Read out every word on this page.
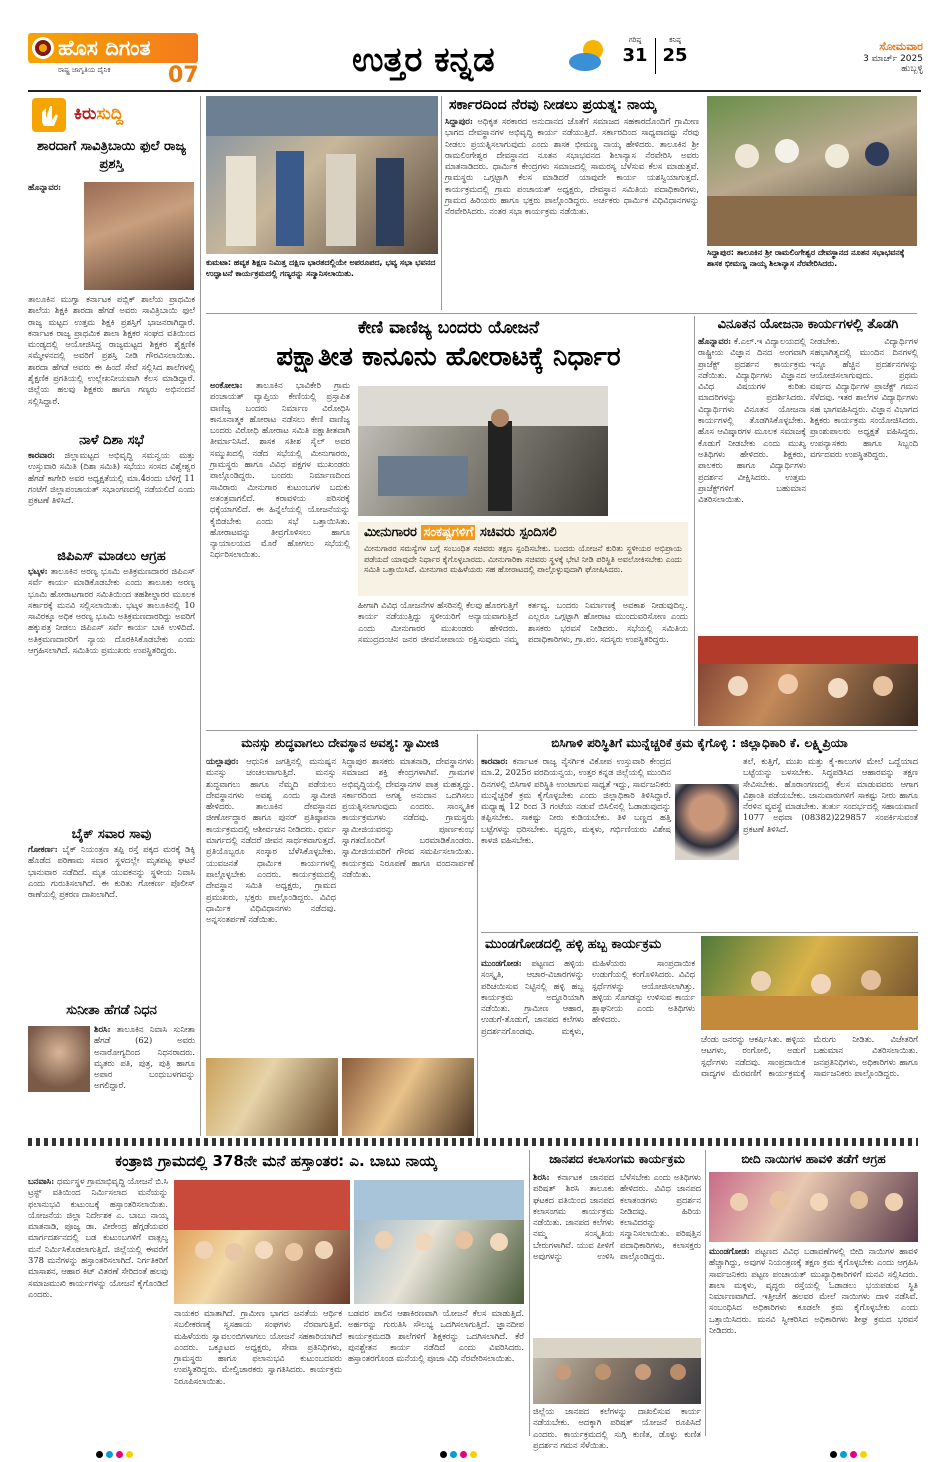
ಹೊಸ ದಿಗಂತ
ರಾಷ್ಟ್ರ ಜಾಗೃತಿಯ ದೈನಿಕ	07	ಉತ್ತರ ಕನ್ನಡ	ಗರಿಷ್ಠ
31
ಕನಿಷ್ಠ
25	ಸೋಮವಾರ
3 ಮಾರ್ಚ್ 2025
ಹುಬ್ಬಳ್ಳಿ
ಕಿರುಸುದ್ದಿ
ಶಾರದಾಗೆ ಸಾವಿತ್ರಿಬಾಯಿ ಫುಲೆ ರಾಜ್ಯ ಪ್ರಶಸ್ತಿ
ಹೊನ್ನಾವರ:
ತಾಲೂಕಿನ ಮುಗ್ವಾ ಕರ್ನಾಟಕ ಪಬ್ಲಿಕ್ ಶಾಲೆಯ ಪ್ರಾಥಮಿಕ ಶಾಲೆಯ ಶಿಕ್ಷಕಿ ಶಾರದಾ ಹೆಗಡೆ ಅವರು ಸಾವಿತ್ರಿಬಾಯಿ ಫುಲೆ ರಾಜ್ಯ ಮಟ್ಟದ ಉತ್ತಮ ಶಿಕ್ಷಕಿ ಪ್ರಶಸ್ತಿಗೆ ಭಾಜನರಾಗಿದ್ದಾರೆ. ಕರ್ನಾಟಕ ರಾಜ್ಯ ಪ್ರಾಥಮಿಕ ಶಾಲಾ ಶಿಕ್ಷಕರ ಸಂಘದ ವತಿಯಿಂದ ಮಂಡ್ಯದಲ್ಲಿ ಆಯೋಜಿಸಿದ್ದ ರಾಜ್ಯಮಟ್ಟದ ಶಿಕ್ಷಕರ ಶೈಕ್ಷಣಿಕ ಸಮ್ಮೇಳನದಲ್ಲಿ ಅವರಿಗೆ ಪ್ರಶಸ್ತಿ ನೀಡಿ ಗೌರವಿಸಲಾಯಿತು. ಶಾರದಾ ಹೆಗಡೆ ಅವರು ಈ ಹಿಂದೆ ಸೇವೆ ಸಲ್ಲಿಸಿದ ಶಾಲೆಗಳಲ್ಲಿ ಶೈಕ್ಷಣಿಕ ಪ್ರಗತಿಯಲ್ಲಿ ಉಲ್ಲೇಖನೀಯವಾಗಿ ಕೆಲಸ ಮಾಡಿದ್ದಾರೆ. ಜಿಲ್ಲೆಯ ಹಲವು ಶಿಕ್ಷಕರು ಹಾಗೂ ಗಣ್ಯರು ಅಭಿನಂದನೆ ಸಲ್ಲಿಸಿದ್ದಾರೆ.
ನಾಳೆ ದಿಶಾ ಸಭೆ
ಕಾರವಾರ: ಜಿಲ್ಲಾಮಟ್ಟದ ಅಭಿವೃದ್ಧಿ ಸಮನ್ವಯ ಮತ್ತು ಉಸ್ತುವಾರಿ ಸಮಿತಿ (ದಿಶಾ ಸಮಿತಿ) ಸಭೆಯು ಸಂಸದ ವಿಶ್ವೇಶ್ವರ ಹೆಗಡೆ ಕಾಗೇರಿ ಅವರ ಅಧ್ಯಕ್ಷತೆಯಲ್ಲಿ ಮಾ.4ರಂದು ಬೆಳಿಗ್ಗೆ 11 ಗಂಟೆಗೆ ಜಿಲ್ಲಾಪಂಚಾಯತ್ ಸಭಾಂಗಣದಲ್ಲಿ ನಡೆಯಲಿದೆ ಎಂದು ಪ್ರಕಟಣೆ ತಿಳಿಸಿದೆ.
ಜಿಪಿಎಸ್ ಮಾಡಲು ಆಗ್ರಹ
ಭಟ್ಕಳ: ತಾಲೂಕಿನ ಅರಣ್ಯ ಭೂಮಿ ಅತಿಕ್ರಮಣದಾರರ ಜಿಪಿಎಸ್ ಸರ್ವೆ ಕಾರ್ಯ ಮಾಡಿಕೊಡಬೇಕು ಎಂದು ತಾಲೂಕು ಅರಣ್ಯ ಭೂಮಿ ಹೋರಾಟಗಾರರ ಸಮಿತಿಯಿಂದ ತಹಶೀಲ್ದಾರರ ಮೂಲಕ ಸರ್ಕಾರಕ್ಕೆ ಮನವಿ ಸಲ್ಲಿಸಲಾಯಿತು. ಭಟ್ಕಳ ತಾಲೂಕಿನಲ್ಲಿ 10 ಸಾವಿರಕ್ಕೂ ಅಧಿಕ ಅರಣ್ಯ ಭೂಮಿ ಅತಿಕ್ರಮಣದಾರರಿದ್ದು ಅವರಿಗೆ ಹಕ್ಕುಪತ್ರ ನೀಡಲು ಜಿಪಿಎಸ್ ಸರ್ವೆ ಕಾರ್ಯ ಬಾಕಿ ಉಳಿದಿದೆ. ಅತಿಕ್ರಮಣದಾರರಿಗೆ ನ್ಯಾಯ ದೊರಕಿಸಿಕೊಡಬೇಕು ಎಂದು ಆಗ್ರಹಿಸಲಾಗಿದೆ. ಸಮಿತಿಯ ಪ್ರಮುಖರು ಉಪಸ್ಥಿತರಿದ್ದರು.
ಬೈಕ್ ಸವಾರ ಸಾವು
ಗೋಕರ್ಣ: ಬೈಕ್ ನಿಯಂತ್ರಣ ತಪ್ಪಿ ರಸ್ತೆ ಪಕ್ಕದ ಮರಕ್ಕೆ ಡಿಕ್ಕಿ ಹೊಡೆದ ಪರಿಣಾಮ ಸವಾರ ಸ್ಥಳದಲ್ಲೇ ಮೃತಪಟ್ಟ ಘಟನೆ ಭಾನುವಾರ ನಡೆದಿದೆ. ಮೃತ ಯುವಕನನ್ನು ಸ್ಥಳೀಯ ನಿವಾಸಿ ಎಂದು ಗುರುತಿಸಲಾಗಿದೆ. ಈ ಕುರಿತು ಗೋಕರ್ಣ ಪೊಲೀಸ್ ಠಾಣೆಯಲ್ಲಿ ಪ್ರಕರಣ ದಾಖಲಾಗಿದೆ.
ಸುನೀತಾ ಹೆಗಡೆ ನಿಧನ
ಶಿರಸಿ: ತಾಲೂಕಿನ ನಿವಾಸಿ ಸುನೀತಾ ಹೆಗಡೆ (62) ಅವರು ಅನಾರೋಗ್ಯದಿಂದ ನಿಧನರಾದರು. ಮೃತರು ಪತಿ, ಪುತ್ರ, ಪುತ್ರಿ ಹಾಗೂ ಅಪಾರ ಬಂಧುಬಳಗವನ್ನು ಅಗಲಿದ್ದಾರೆ.
ಕುಮಟಾ: ಹವ್ಯಕ ಶಿಕ್ಷಣ ನಿಮಿತ್ತ ದಕ್ಷಿಣ ಭಾರತದಲ್ಲಿಯೇ ಅಪರೂಪದ, ಭವ್ಯ ಸಭಾ ಭವನದ ಉದ್ಘಾಟನೆ ಕಾರ್ಯಕ್ರಮದಲ್ಲಿ ಗಣ್ಯರನ್ನು ಸನ್ಮಾನಿಸಲಾಯಿತು.
ಸರ್ಕಾರದಿಂದ ನೆರವು ನೀಡಲು ಪ್ರಯತ್ನ: ನಾಯ್ಕ
ಸಿದ್ದಾಪುರ: ಅಧಿಕೃತ ಸರಕಾರದ ಅನುದಾನದ ಜೊತೆಗೆ ಸಮಾಜದ ಸಹಕಾರದೊಂದಿಗೆ ಗ್ರಾಮೀಣ ಭಾಗದ ದೇವಸ್ಥಾನಗಳ ಅಭಿವೃದ್ಧಿ ಕಾರ್ಯ ನಡೆಯುತ್ತಿದೆ. ಸರ್ಕಾರದಿಂದ ಸಾಧ್ಯವಾದಷ್ಟು ನೆರವು ನೀಡಲು ಪ್ರಯತ್ನಿಸಲಾಗುವುದು ಎಂದು ಶಾಸಕ ಭೀಮಣ್ಣ ನಾಯ್ಕ ಹೇಳಿದರು. ತಾಲೂಕಿನ ಶ್ರೀ ರಾಮಲಿಂಗೇಶ್ವರ ದೇವಸ್ಥಾನದ ನೂತನ ಸಭಾಭವನದ ಶಿಲಾನ್ಯಾಸ ನೆರವೇರಿಸಿ ಅವರು ಮಾತನಾಡಿದರು. ಧಾರ್ಮಿಕ ಕೇಂದ್ರಗಳು ಸಮಾಜದಲ್ಲಿ ಸಾಮರಸ್ಯ ಬೆಳೆಸುವ ಕೆಲಸ ಮಾಡುತ್ತವೆ. ಗ್ರಾಮಸ್ಥರು ಒಗ್ಗಟ್ಟಾಗಿ ಕೆಲಸ ಮಾಡಿದರೆ ಯಾವುದೇ ಕಾರ್ಯ ಯಶಸ್ವಿಯಾಗುತ್ತದೆ. ಕಾರ್ಯಕ್ರಮದಲ್ಲಿ ಗ್ರಾಮ ಪಂಚಾಯತ್ ಅಧ್ಯಕ್ಷರು, ದೇವಸ್ಥಾನ ಸಮಿತಿಯ ಪದಾಧಿಕಾರಿಗಳು, ಗ್ರಾಮದ ಹಿರಿಯರು ಹಾಗೂ ಭಕ್ತರು ಪಾಲ್ಗೊಂಡಿದ್ದರು. ಅರ್ಚಕರು ಧಾರ್ಮಿಕ ವಿಧಿವಿಧಾನಗಳನ್ನು ನೆರವೇರಿಸಿದರು. ನಂತರ ಸಭಾ ಕಾರ್ಯಕ್ರಮ ನಡೆಯಿತು.
ಸಿದ್ದಾಪುರ: ತಾಲೂಕಿನ ಶ್ರೀ ರಾಮಲಿಂಗೇಶ್ವರ ದೇವಸ್ಥಾನದ ನೂತನ ಸಭಾಭವನಕ್ಕೆ ಶಾಸಕ ಭೀಮಣ್ಣ ನಾಯ್ಕ ಶಿಲಾನ್ಯಾಸ ನೆರವೇರಿಸಿದರು.
ಕೇಣಿ ವಾಣಿಜ್ಯ ಬಂದರು ಯೋಜನೆ
ಪಕ್ಷಾತೀತ ಕಾನೂನು ಹೋರಾಟಕ್ಕೆ ನಿರ್ಧಾರ
ಅಂಕೋಲಾ: ತಾಲೂಕಿನ ಭಾವಿಕೇರಿ ಗ್ರಾಮ ಪಂಚಾಯತ್ ವ್ಯಾಪ್ತಿಯ ಕೇಣಿಯಲ್ಲಿ ಪ್ರಸ್ತಾಪಿತ ವಾಣಿಜ್ಯ ಬಂದರು ನಿರ್ಮಾಣ ವಿರೋಧಿಸಿ ಕಾನೂನಾತ್ಮಕ ಹೋರಾಟ ನಡೆಸಲು ಕೇಣಿ ವಾಣಿಜ್ಯ ಬಂದರು ವಿರೋಧಿ ಹೋರಾಟ ಸಮಿತಿ ಪಕ್ಷಾತೀತವಾಗಿ ತೀರ್ಮಾನಿಸಿದೆ. ಶಾಸಕ ಸತೀಶ ಸೈಲ್ ಅವರ ಸಮ್ಮುಖದಲ್ಲಿ ನಡೆದ ಸಭೆಯಲ್ಲಿ ಮೀನುಗಾರರು, ಗ್ರಾಮಸ್ಥರು ಹಾಗೂ ವಿವಿಧ ಪಕ್ಷಗಳ ಮುಖಂಡರು ಪಾಲ್ಗೊಂಡಿದ್ದರು. ಬಂದರು ನಿರ್ಮಾಣದಿಂದ ಸಾವಿರಾರು ಮೀನುಗಾರ ಕುಟುಂಬಗಳ ಬದುಕು ಅತಂತ್ರವಾಗಲಿದೆ. ಕರಾವಳಿಯ ಪರಿಸರಕ್ಕೆ ಧಕ್ಕೆಯಾಗಲಿದೆ. ಈ ಹಿನ್ನೆಲೆಯಲ್ಲಿ ಯೋಜನೆಯನ್ನು ಕೈಬಿಡಬೇಕು ಎಂದು ಸಭೆ ಒತ್ತಾಯಿಸಿತು. ಹೋರಾಟವನ್ನು ತೀವ್ರಗೊಳಿಸಲು ಹಾಗೂ ನ್ಯಾಯಾಲಯದ ಮೊರೆ ಹೋಗಲು ಸಭೆಯಲ್ಲಿ ನಿರ್ಧರಿಸಲಾಯಿತು.
ಮೀನುಗಾರರ ಸಂಕಷ್ಟಗಳಿಗೆ ಸಚಿವರು ಸ್ಪಂದಿಸಲಿ
ಮೀನುಗಾರರ ಸಮಸ್ಯೆಗಳ ಬಗ್ಗೆ ಸಂಬಂಧಿತ ಸಚಿವರು ತಕ್ಷಣ ಸ್ಪಂದಿಸಬೇಕು. ಬಂದರು ಯೋಜನೆ ಕುರಿತು ಸ್ಥಳೀಯರ ಅಭಿಪ್ರಾಯ ಪಡೆಯದೆ ಯಾವುದೇ ನಿರ್ಧಾರ ಕೈಗೊಳ್ಳಬಾರದು. ಮೀನುಗಾರಿಕಾ ಸಚಿವರು ಸ್ಥಳಕ್ಕೆ ಭೇಟಿ ನೀಡಿ ಪರಿಸ್ಥಿತಿ ಅವಲೋಕಿಸಬೇಕು ಎಂದು ಸಮಿತಿ ಒತ್ತಾಯಿಸಿದೆ. ಮೀನುಗಾರ ಮಹಿಳೆಯರು ಸಹ ಹೋರಾಟದಲ್ಲಿ ಪಾಲ್ಗೊಳ್ಳುವುದಾಗಿ ಘೋಷಿಸಿದರು.
ಹೀಗಾಗಿ ವಿವಿಧ ಯೋಜನೆಗಳ ಹೆಸರಿನಲ್ಲಿ ಕೆಲವು ಹೊರಗುತ್ತಿಗೆ ಕಾರ್ಯ ನಡೆಯುತ್ತಿದ್ದು ಸ್ಥಳೀಯರಿಗೆ ಅನ್ಯಾಯವಾಗುತ್ತಿದೆ ಎಂದು ಮೀನುಗಾರರ ಮುಖಂಡರು ಹೇಳಿದರು. ಸಮುದ್ರದಂಚಿನ ಜನರ ಜೀವನೋಪಾಯ ರಕ್ಷಿಸುವುದು ನಮ್ಮ ಕರ್ತವ್ಯ. ಬಂದರು ನಿರ್ಮಾಣಕ್ಕೆ ಅವಕಾಶ ನೀಡುವುದಿಲ್ಲ. ಎಲ್ಲರೂ ಒಗ್ಗಟ್ಟಾಗಿ ಹೋರಾಟ ಮುಂದುವರಿಸೋಣ ಎಂದು ಶಾಸಕರು ಭರವಸೆ ನೀಡಿದರು. ಸಭೆಯಲ್ಲಿ ಸಮಿತಿಯ ಪದಾಧಿಕಾರಿಗಳು, ಗ್ರಾ.ಪಂ. ಸದಸ್ಯರು ಉಪಸ್ಥಿತರಿದ್ದರು.
ವಿನೂತನ ಯೋಜನಾ ಕಾರ್ಯಗಳಲ್ಲಿ ತೊಡಗಿ
ಹೊನ್ನಾವರ: ಕೆ.ಎಲ್.ಇ ವಿದ್ಯಾಲಯದಲ್ಲಿ ರಾಷ್ಟ್ರೀಯ ವಿಜ್ಞಾನ ದಿನದ ಅಂಗವಾಗಿ ಪ್ರಾಜೆಕ್ಟ್ ಪ್ರದರ್ಶನ ಕಾರ್ಯಕ್ರಮ ನಡೆಯಿತು. ವಿದ್ಯಾರ್ಥಿಗಳು ವಿಜ್ಞಾನದ ವಿವಿಧ ವಿಷಯಗಳ ಕುರಿತು ಮಾದರಿಗಳನ್ನು ಪ್ರದರ್ಶಿಸಿದರು. ವಿದ್ಯಾರ್ಥಿಗಳು ವಿನೂತನ ಯೋಜನಾ ಕಾರ್ಯಗಳಲ್ಲಿ ತೊಡಗಿಸಿಕೊಳ್ಳಬೇಕು. ಹೊಸ ಆವಿಷ್ಕಾರಗಳ ಮೂಲಕ ಸಮಾಜಕ್ಕೆ ಕೊಡುಗೆ ನೀಡಬೇಕು ಎಂದು ಮುಖ್ಯ ಅತಿಥಿಗಳು ಹೇಳಿದರು. ಶಿಕ್ಷಕರು, ಪಾಲಕರು ಹಾಗೂ ವಿದ್ಯಾರ್ಥಿಗಳು ಪ್ರದರ್ಶನ ವೀಕ್ಷಿಸಿದರು. ಉತ್ತಮ ಪ್ರಾಜೆಕ್ಟ್‌ಗಳಿಗೆ ಬಹುಮಾನ ವಿತರಿಸಲಾಯಿತು.
ನೀಡಬೇಕು. ವಿದ್ಯಾರ್ಥಿಗಳ ಸಹಭಾಗಿತ್ವದಲ್ಲಿ ಮುಂದಿನ ದಿನಗಳಲ್ಲಿ ಇನ್ನೂ ಹೆಚ್ಚಿನ ಪ್ರದರ್ಶನಗಳನ್ನು ಆಯೋಜಿಸಲಾಗುವುದು. ಪ್ರಥಮ ವರ್ಷದ ವಿದ್ಯಾರ್ಥಿಗಳ ಪ್ರಾಜೆಕ್ಟ್ ಗಮನ ಸೆಳೆದವು. ಇತರ ಶಾಲೆಗಳ ವಿದ್ಯಾರ್ಥಿಗಳು ಸಹ ಭಾಗವಹಿಸಿದ್ದರು. ವಿಜ್ಞಾನ ವಿಭಾಗದ ಶಿಕ್ಷಕರು ಕಾರ್ಯಕ್ರಮ ಸಂಯೋಜಿಸಿದರು. ಪ್ರಾಂಶುಪಾಲರು ಅಧ್ಯಕ್ಷತೆ ವಹಿಸಿದ್ದರು. ಉಪನ್ಯಾಸಕರು ಹಾಗೂ ಸಿಬ್ಬಂದಿ ವರ್ಗದವರು ಉಪಸ್ಥಿತರಿದ್ದರು.
ಮನಸ್ಸು ಶುದ್ಧವಾಗಲು ದೇವಸ್ಥಾನ ಅವಶ್ಯ: ಸ್ವಾಮೀಜಿ
ಯಲ್ಲಾಪುರ: ಆಧುನಿಕ ಜಗತ್ತಿನಲ್ಲಿ ಮನುಷ್ಯನ ಮನಸ್ಸು ಚಂಚಲವಾಗುತ್ತಿದೆ. ಮನಸ್ಸು ಶುದ್ಧವಾಗಲು ಹಾಗೂ ನೆಮ್ಮದಿ ಪಡೆಯಲು ದೇವಸ್ಥಾನಗಳು ಅವಶ್ಯ ಎಂದು ಸ್ವಾಮೀಜಿ ಹೇಳಿದರು. ತಾಲೂಕಿನ ದೇವಸ್ಥಾನದ ಜೀರ್ಣೋದ್ಧಾರ ಹಾಗೂ ಪುನರ್ ಪ್ರತಿಷ್ಠಾಪನಾ ಕಾರ್ಯಕ್ರಮದಲ್ಲಿ ಆಶೀರ್ವಚನ ನೀಡಿದರು. ಧರ್ಮ ಮಾರ್ಗದಲ್ಲಿ ನಡೆದರೆ ಜೀವನ ಸಾರ್ಥಕವಾಗುತ್ತದೆ. ಪ್ರತಿಯೊಬ್ಬರೂ ಸಂಸ್ಕಾರ ಬೆಳೆಸಿಕೊಳ್ಳಬೇಕು. ಯುವಜನತೆ ಧಾರ್ಮಿಕ ಕಾರ್ಯಗಳಲ್ಲಿ ಪಾಲ್ಗೊಳ್ಳಬೇಕು ಎಂದರು. ಕಾರ್ಯಕ್ರಮದಲ್ಲಿ ದೇವಸ್ಥಾನ ಸಮಿತಿ ಅಧ್ಯಕ್ಷರು, ಗ್ರಾಮದ ಪ್ರಮುಖರು, ಭಕ್ತರು ಪಾಲ್ಗೊಂಡಿದ್ದರು. ವಿವಿಧ ಧಾರ್ಮಿಕ ವಿಧಿವಿಧಾನಗಳು ನಡೆದವು. ಅನ್ನಸಂತರ್ಪಣೆ ನಡೆಯಿತು.
ಸಿದ್ಧಾಪುರ ಶಾಸಕರು ಮಾತನಾಡಿ, ದೇವಸ್ಥಾನಗಳು ಸಮಾಜದ ಶಕ್ತಿ ಕೇಂದ್ರಗಳಾಗಿವೆ. ಗ್ರಾಮಗಳ ಅಭಿವೃದ್ಧಿಯಲ್ಲಿ ದೇವಸ್ಥಾನಗಳ ಪಾತ್ರ ಮಹತ್ವದ್ದು. ಸರ್ಕಾರದಿಂದ ಅಗತ್ಯ ಅನುದಾನ ಒದಗಿಸಲು ಪ್ರಯತ್ನಿಸಲಾಗುವುದು ಎಂದರು. ಸಾಂಸ್ಕೃತಿಕ ಕಾರ್ಯಕ್ರಮಗಳು ನಡೆದವು. ಗ್ರಾಮಸ್ಥರು ಸ್ವಾಮೀಜಿಯವರನ್ನು ಪೂರ್ಣಕುಂಭ ಸ್ವಾಗತದೊಂದಿಗೆ ಬರಮಾಡಿಕೊಂಡರು. ಸ್ವಾಮೀಜಿಯವರಿಗೆ ಗೌರವ ಸಮರ್ಪಿಸಲಾಯಿತು. ಕಾರ್ಯಕ್ರಮ ನಿರೂಪಣೆ ಹಾಗೂ ವಂದನಾರ್ಪಣೆ ನಡೆಯಿತು.
ಬಿಸಿಗಾಳಿ ಪರಿಸ್ಥಿತಿಗೆ ಮುನ್ನೆಚ್ಚರಿಕೆ ಕ್ರಮ ಕೈಗೊಳ್ಳಿ : ಜಿಲ್ಲಾಧಿಕಾರಿ ಕೆ. ಲಕ್ಷ್ಮಿಪ್ರಿಯಾ
ಕಾರವಾರ: ಕರ್ನಾಟಕ ರಾಜ್ಯ ನೈಸರ್ಗಿಕ ವಿಕೋಪ ಉಸ್ತುವಾರಿ ಕೇಂದ್ರದ ಮಾ.2, 2025ರ ವರದಿಯನ್ವಯ, ಉತ್ತರ ಕನ್ನಡ ಜಿಲ್ಲೆಯಲ್ಲಿ ಮುಂದಿನ ದಿನಗಳಲ್ಲಿ ಬಿಸಿಗಾಳಿ ಪರಿಸ್ಥಿತಿ ಉಂಟಾಗುವ ಸಾಧ್ಯತೆ ಇದ್ದು, ಸಾರ್ವಜನಿಕರು ಮುನ್ನೆಚ್ಚರಿಕೆ ಕ್ರಮ ಕೈಗೊಳ್ಳಬೇಕು ಎಂದು ಜಿಲ್ಲಾಧಿಕಾರಿ ತಿಳಿಸಿದ್ದಾರೆ. ಮಧ್ಯಾಹ್ನ 12 ರಿಂದ 3 ಗಂಟೆಯ ನಡುವೆ ಬಿಸಿಲಿನಲ್ಲಿ ಓಡಾಡುವುದನ್ನು ತಪ್ಪಿಸಬೇಕು. ಸಾಕಷ್ಟು ನೀರು ಕುಡಿಯಬೇಕು. ತಿಳಿ ಬಣ್ಣದ ಹತ್ತಿ ಬಟ್ಟೆಗಳನ್ನು ಧರಿಸಬೇಕು. ವೃದ್ಧರು, ಮಕ್ಕಳು, ಗರ್ಭಿಣಿಯರು ವಿಶೇಷ ಕಾಳಜಿ ವಹಿಸಬೇಕು.
ತಲೆ, ಕುತ್ತಿಗೆ, ಮುಖ ಮತ್ತು ಕೈ-ಕಾಲುಗಳ ಮೇಲೆ ಒದ್ದೆಯಾದ ಬಟ್ಟೆಯನ್ನು ಬಳಸಬೇಕು. ಸಿದ್ಧಪಡಿಸಿದ ಆಹಾರವನ್ನು ತಕ್ಷಣ ಸೇವಿಸಬೇಕು. ಹೊರಾಂಗಣದಲ್ಲಿ ಕೆಲಸ ಮಾಡುವವರು ಆಗಾಗ ವಿಶ್ರಾಂತಿ ಪಡೆಯಬೇಕು. ಜಾನುವಾರುಗಳಿಗೆ ಸಾಕಷ್ಟು ನೀರು ಹಾಗೂ ನೆರಳಿನ ವ್ಯವಸ್ಥೆ ಮಾಡಬೇಕು. ತುರ್ತು ಸಂದರ್ಭದಲ್ಲಿ ಸಹಾಯವಾಣಿ 1077 ಅಥವಾ (08382)229857 ಸಂಪರ್ಕಿಸುವಂತೆ ಪ್ರಕಟಣೆ ತಿಳಿಸಿದೆ.
ಮುಂಡಗೋಡದಲ್ಲಿ ಹಳ್ಳಿ ಹಬ್ಬ ಕಾರ್ಯಕ್ರಮ
ಮುಂಡಗೋಡ: ಪಟ್ಟಣದ ಹಳ್ಳಿಯ ಸಂಸ್ಕೃತಿ, ಆಚಾರ-ವಿಚಾರಗಳನ್ನು ಪರಿಚಯಿಸುವ ನಿಟ್ಟಿನಲ್ಲಿ ಹಳ್ಳಿ ಹಬ್ಬ ಕಾರ್ಯಕ್ರಮ ಅದ್ಧೂರಿಯಾಗಿ ನಡೆಯಿತು. ಗ್ರಾಮೀಣ ಆಹಾರ, ಉಡುಗೆ-ತೊಡುಗೆ, ಜಾನಪದ ಕಲೆಗಳು ಪ್ರದರ್ಶನಗೊಂಡವು. ಮಕ್ಕಳು, ಮಹಿಳೆಯರು ಸಾಂಪ್ರದಾಯಿಕ ಉಡುಗೆಯಲ್ಲಿ ಕಂಗೊಳಿಸಿದರು. ವಿವಿಧ ಸ್ಪರ್ಧೆಗಳನ್ನು ಆಯೋಜಿಸಲಾಗಿತ್ತು. ಹಳ್ಳಿಯ ಸೊಗಡನ್ನು ಉಳಿಸುವ ಕಾರ್ಯ ಶ್ಲಾಘನೀಯ ಎಂದು ಅತಿಥಿಗಳು ಹೇಳಿದರು.
ಚೆಂಡು ಜನರನ್ನು ಆಕರ್ಷಿಸಿತು. ಹಳ್ಳಿಯ ಆಟಗಳು, ರಂಗೋಲಿ, ಅಡುಗೆ ಸ್ಪರ್ಧೆಗಳು ನಡೆದವು. ಸಾಂಪ್ರದಾಯಿಕ ವಾದ್ಯಗಳ ಮೆರವಣಿಗೆ ಕಾರ್ಯಕ್ರಮಕ್ಕೆ ಮೆರುಗು ನೀಡಿತು. ವಿಜೇತರಿಗೆ ಬಹುಮಾನ ವಿತರಿಸಲಾಯಿತು. ಜನಪ್ರತಿನಿಧಿಗಳು, ಅಧಿಕಾರಿಗಳು ಹಾಗೂ ಸಾರ್ವಜನಿಕರು ಪಾಲ್ಗೊಂಡಿದ್ದರು.
ಕಂತ್ರಾಜಿ ಗ್ರಾಮದಲ್ಲಿ 378ನೇ ಮನೆ ಹಸ್ತಾಂತರ: ಎ. ಬಾಬು ನಾಯ್ಕ
ಬನವಾಸಿ: ಧರ್ಮಸ್ಥಳ ಗ್ರಾಮಾಭಿವೃದ್ಧಿ ಯೋಜನೆ ಬಿ.ಸಿ ಟ್ರಸ್ಟ್ ವತಿಯಿಂದ ನಿರ್ಮಿಸಲಾದ ಮನೆಯನ್ನು ಫಲಾನುಭವಿ ಕುಟುಂಬಕ್ಕೆ ಹಸ್ತಾಂತರಿಸಲಾಯಿತು. ಯೋಜನೆಯ ಜಿಲ್ಲಾ ನಿರ್ದೇಶಕ ಎ. ಬಾಬು ನಾಯ್ಕ ಮಾತನಾಡಿ, ಪೂಜ್ಯ ಡಾ. ವೀರೇಂದ್ರ ಹೆಗ್ಗಡೆಯವರ ಮಾರ್ಗದರ್ಶನದಲ್ಲಿ ಬಡ ಕುಟುಂಬಗಳಿಗೆ ವಾತ್ಸಲ್ಯ ಮನೆ ನಿರ್ಮಿಸಿಕೊಡಲಾಗುತ್ತಿದೆ. ಜಿಲ್ಲೆಯಲ್ಲಿ ಈವರೆಗೆ 378 ಮನೆಗಳನ್ನು ಹಸ್ತಾಂತರಿಸಲಾಗಿದೆ. ನಿರ್ಗತಿಕರಿಗೆ ಮಾಸಾಶನ, ಆಹಾರ ಕಿಟ್ ವಿತರಣೆ ಸೇರಿದಂತೆ ಹಲವು ಸಮಾಜಮುಖಿ ಕಾರ್ಯಗಳನ್ನು ಯೋಜನೆ ಕೈಗೊಂಡಿದೆ ಎಂದರು.
ನಾಯಕರ ಮಾತಾಗಿದೆ. ಗ್ರಾಮೀಣ ಭಾಗದ ಜನತೆಯ ಆರ್ಥಿಕ ಸಬಲೀಕರಣಕ್ಕೆ ಸ್ವಸಹಾಯ ಸಂಘಗಳು ನೆರವಾಗುತ್ತಿವೆ. ಮಹಿಳೆಯರು ಸ್ವಾವಲಂಬಿಗಳಾಗಲು ಯೋಜನೆ ಸಹಕಾರಿಯಾಗಿದೆ ಎಂದರು. ಒಕ್ಕೂಟದ ಅಧ್ಯಕ್ಷರು, ಸೇವಾ ಪ್ರತಿನಿಧಿಗಳು, ಗ್ರಾಮಸ್ಥರು ಹಾಗೂ ಫಲಾನುಭವಿ ಕುಟುಂಬದವರು ಉಪಸ್ಥಿತರಿದ್ದರು. ಮೇಲ್ವಿಚಾರಕರು ಸ್ವಾಗತಿಸಿದರು. ಕಾರ್ಯಕ್ರಮ ನಿರೂಪಿಸಲಾಯಿತು.
ಬಡವರ ಪಾಲಿನ ಆಶಾಕಿರಣವಾಗಿ ಯೋಜನೆ ಕೆಲಸ ಮಾಡುತ್ತಿದೆ. ಅರ್ಹರನ್ನು ಗುರುತಿಸಿ ಸೌಲಭ್ಯ ಒದಗಿಸಲಾಗುತ್ತಿದೆ. ಜ್ಞಾನದೀಪ ಕಾರ್ಯಕ್ರಮದಡಿ ಶಾಲೆಗಳಿಗೆ ಶಿಕ್ಷಕರನ್ನು ಒದಗಿಸಲಾಗಿದೆ. ಕೆರೆ ಪುನಶ್ಚೇತನ ಕಾರ್ಯ ನಡೆದಿದೆ ಎಂದು ವಿವರಿಸಿದರು. ಹಸ್ತಾಂತರಗೊಂಡ ಮನೆಯಲ್ಲಿ ಪೂಜಾ ವಿಧಿ ನೆರವೇರಿಸಲಾಯಿತು.
ಜಾನಪದ ಕಲಾಸಂಗಮ ಕಾರ್ಯಕ್ರಮ
ಶಿರಸಿ: ಕರ್ನಾಟಕ ಜಾನಪದ ಪರಿಷತ್ ಶಿರಸಿ ತಾಲೂಕು ಘಟಕದ ವತಿಯಿಂದ ಜಾನಪದ ಕಲಾಸಂಗಮ ಕಾರ್ಯಕ್ರಮ ನಡೆಯಿತು. ಜಾನಪದ ಕಲೆಗಳು ನಮ್ಮ ಸಂಸ್ಕೃತಿಯ ಬೇರುಗಳಾಗಿವೆ. ಯುವ ಪೀಳಿಗೆ ಅವುಗಳನ್ನು ಉಳಿಸಿ ಬೆಳೆಸಬೇಕು ಎಂದು ಅತಿಥಿಗಳು ಹೇಳಿದರು. ವಿವಿಧ ಜಾನಪದ ಕಲಾತಂಡಗಳು ಪ್ರದರ್ಶನ ನೀಡಿದವು. ಹಿರಿಯ ಕಲಾವಿದರನ್ನು ಸನ್ಮಾನಿಸಲಾಯಿತು. ಪರಿಷತ್ತಿನ ಪದಾಧಿಕಾರಿಗಳು, ಕಲಾಸಕ್ತರು ಪಾಲ್ಗೊಂಡಿದ್ದರು.
ಜಿಲ್ಲೆಯ ಜಾನಪದ ಕಲೆಗಳನ್ನು ದಾಖಲಿಸುವ ಕಾರ್ಯ ನಡೆಯಬೇಕು. ಅದಕ್ಕಾಗಿ ಪರಿಷತ್ ಯೋಜನೆ ರೂಪಿಸಿದೆ ಎಂದರು. ಕಾರ್ಯಕ್ರಮದಲ್ಲಿ ಸುಗ್ಗಿ ಕುಣಿತ, ಡೊಳ್ಳು ಕುಣಿತ ಪ್ರದರ್ಶನ ಗಮನ ಸೆಳೆಯಿತು.
ಬೀದಿ ನಾಯಿಗಳ ಹಾವಳಿ ತಡೆಗೆ ಆಗ್ರಹ
ಮುಂಡಗೋಡ: ಪಟ್ಟಣದ ವಿವಿಧ ಬಡಾವಣೆಗಳಲ್ಲಿ ಬೀದಿ ನಾಯಿಗಳ ಹಾವಳಿ ಹೆಚ್ಚಾಗಿದ್ದು, ಅವುಗಳ ನಿಯಂತ್ರಣಕ್ಕೆ ತಕ್ಷಣ ಕ್ರಮ ಕೈಗೊಳ್ಳಬೇಕು ಎಂದು ಆಗ್ರಹಿಸಿ ಸಾರ್ವಜನಿಕರು ಪಟ್ಟಣ ಪಂಚಾಯತ್ ಮುಖ್ಯಾಧಿಕಾರಿಗಳಿಗೆ ಮನವಿ ಸಲ್ಲಿಸಿದರು. ಶಾಲಾ ಮಕ್ಕಳು, ವೃದ್ಧರು ರಸ್ತೆಯಲ್ಲಿ ಓಡಾಡಲು ಭಯಪಡುವ ಸ್ಥಿತಿ ನಿರ್ಮಾಣವಾಗಿದೆ. ಇತ್ತೀಚೆಗೆ ಹಲವರ ಮೇಲೆ ನಾಯಿಗಳು ದಾಳಿ ನಡೆಸಿವೆ. ಸಂಬಂಧಿಸಿದ ಅಧಿಕಾರಿಗಳು ಕೂಡಲೇ ಕ್ರಮ ಕೈಗೊಳ್ಳಬೇಕು ಎಂದು ಒತ್ತಾಯಿಸಿದರು. ಮನವಿ ಸ್ವೀಕರಿಸಿದ ಅಧಿಕಾರಿಗಳು ಶೀಘ್ರ ಕ್ರಮದ ಭರವಸೆ ನೀಡಿದರು.
